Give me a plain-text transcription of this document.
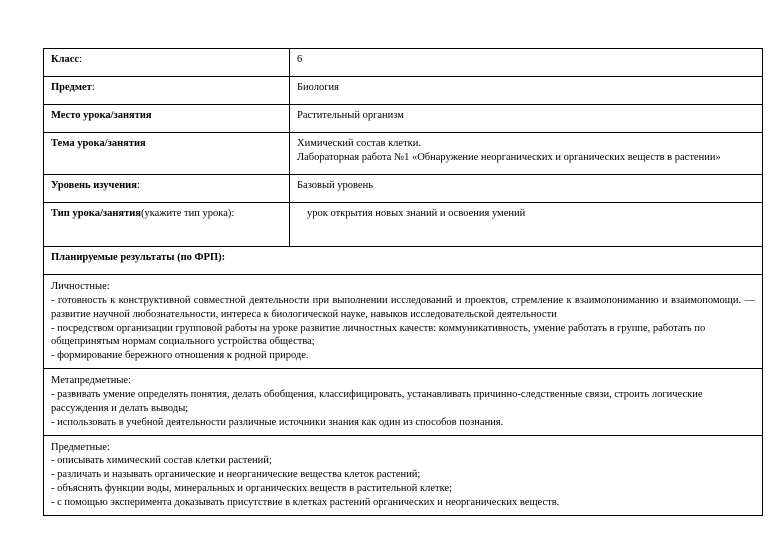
Класс:	6
Предмет:	Биология
Место урока/занятия	Растительный организм
Тема урока/занятия	Химический состав клетки.
Лабораторная работа №1 «Обнаружение неорганических и органических веществ в растении»

Уровень изучения:	Базовый уровень
Тип урока/занятия(укажите тип урока):	урок открытия новых знаний и освоения умений
Планируемые результаты (по ФРП):	

Личностные:
- готовность к конструктивной совместной деятельности при выполнении исследований и проектов, стремление к взаимопониманию и взаимопомощи. — развитие научной любознательности, интереса к биологической науке, навыков исследовательской деятельности
- посредством организации групповой работы на уроке развитие личностных качеств: коммуникативность, умение работать в группе, работать по общепринятым нормам социального устройства общества;
- формирование бережного отношения к родной природе.	

Метапредметные:
- развивать умение определять понятия, делать обобщения, классифицировать, устанавливать причинно-следственные связи, строить логические рассуждения и делать выводы;
- использовать в учебной деятельности различные источники знания как один из способов познания.	

Предметные:
- описывать химический состав клетки растений;
- различать и называть органические и неорганические вещества клеток растений;
- объяснять функции воды, минеральных и органических веществ в растительной клетке;
- с помощью эксперимента доказывать присутствие в клетках растений органических и неорганических веществ.	
